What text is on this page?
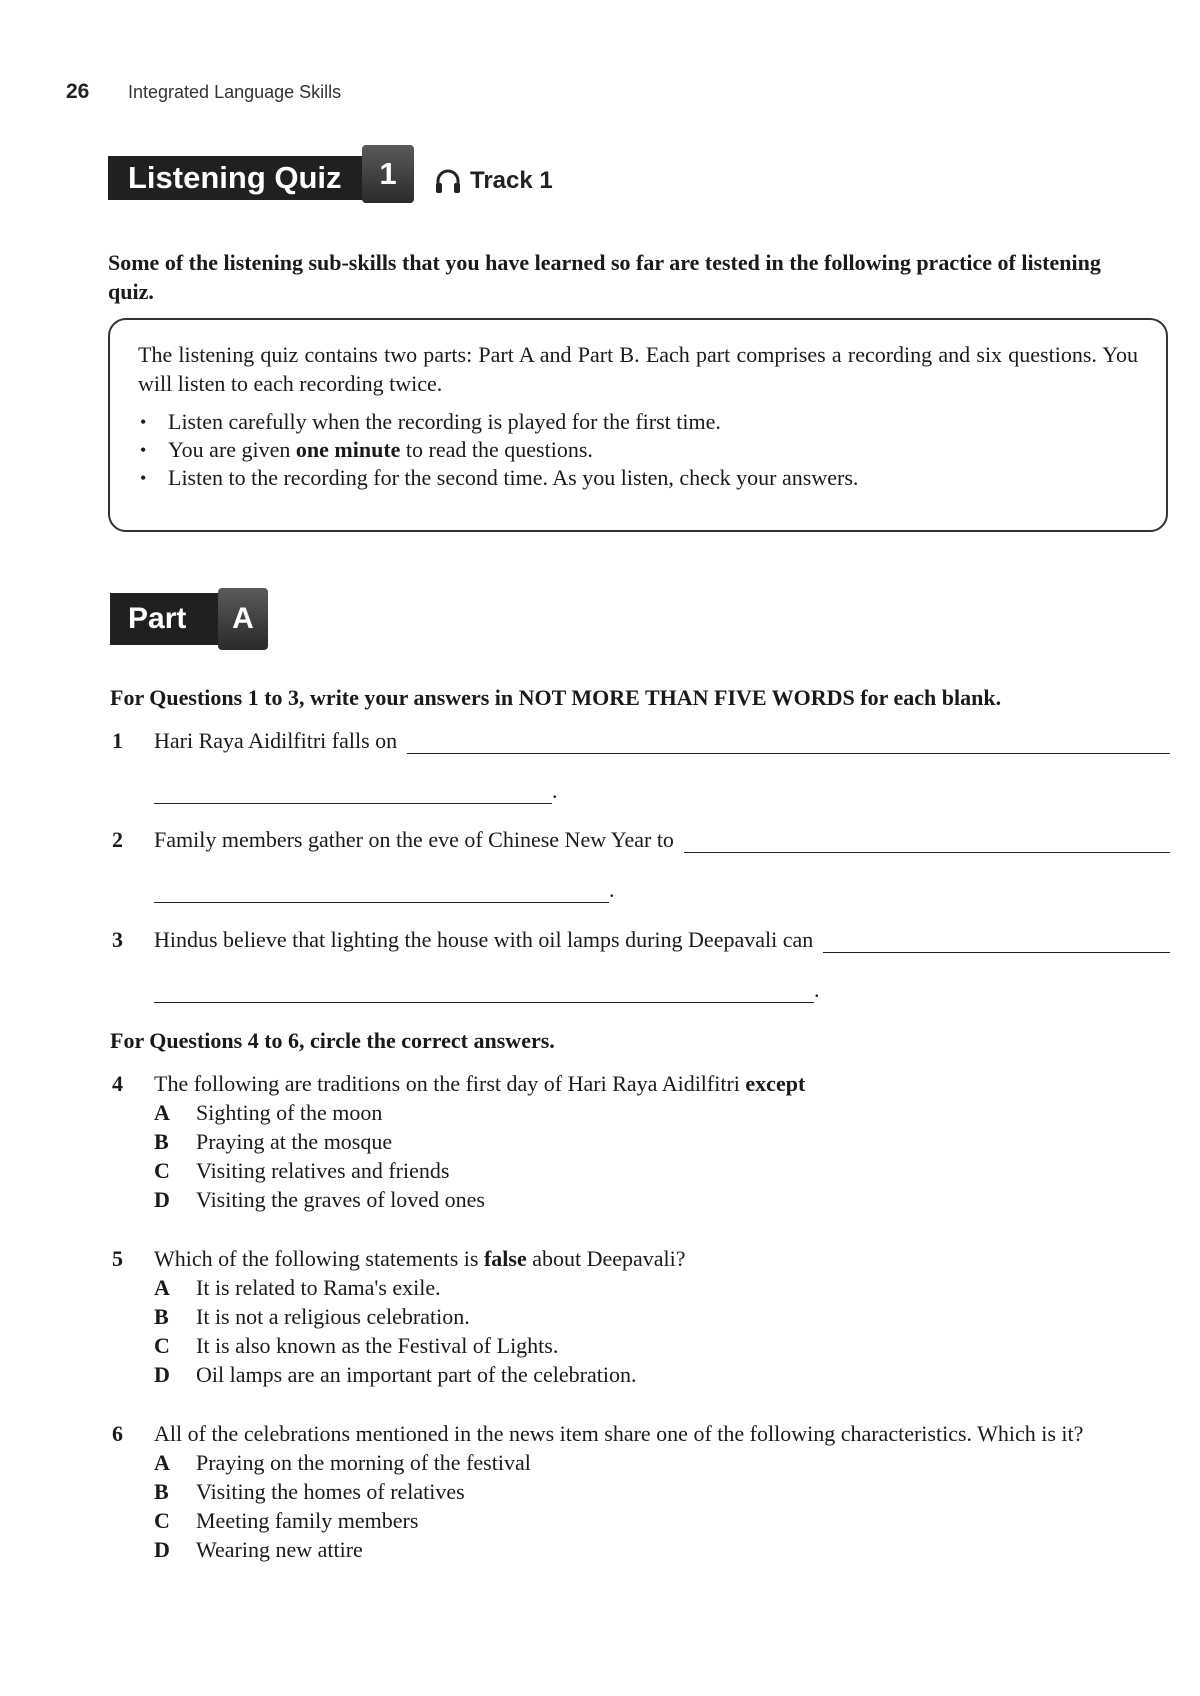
26	Integrated Language Skills
Listening Quiz	1	Track 1

Some of the listening sub-skills that you have learned so far are tested in the following practice of listening quiz.

The listening quiz contains two parts: Part A and Part B. Each part comprises a recording and six questions. You will listen to each recording twice.

• Listen carefully when the recording is played for the first time.
• You are given one minute to read the questions.
• Listen to the recording for the second time. As you listen, check your answers.
Part	A

For Questions 1 to 3, write your answers in NOT MORE THAN FIVE WORDS for each blank.

1 Hari Raya Aidilfitri falls on
.
2 Family members gather on the eve of Chinese New Year to
.
3 Hindus believe that lighting the house with oil lamps during Deepavali can
.

For Questions 4 to 6, circle the correct answers.

4 The following are traditions on the first day of Hari Raya Aidilfitri except

A	Sighting of the moon
B	Praying at the mosque
C	Visiting relatives and friends
D	Visiting the graves of loved ones
5 Which of the following statements is false about Deepavali?

A	It is related to Rama's exile.
B	It is not a religious celebration.
C	It is also known as the Festival of Lights.
D	Oil lamps are an important part of the celebration.
6 All of the celebrations mentioned in the news item share one of the following characteristics. Which is it?

A	Praying on the morning of the festival
B	Visiting the homes of relatives
C	Meeting family members
D	Wearing new attire
